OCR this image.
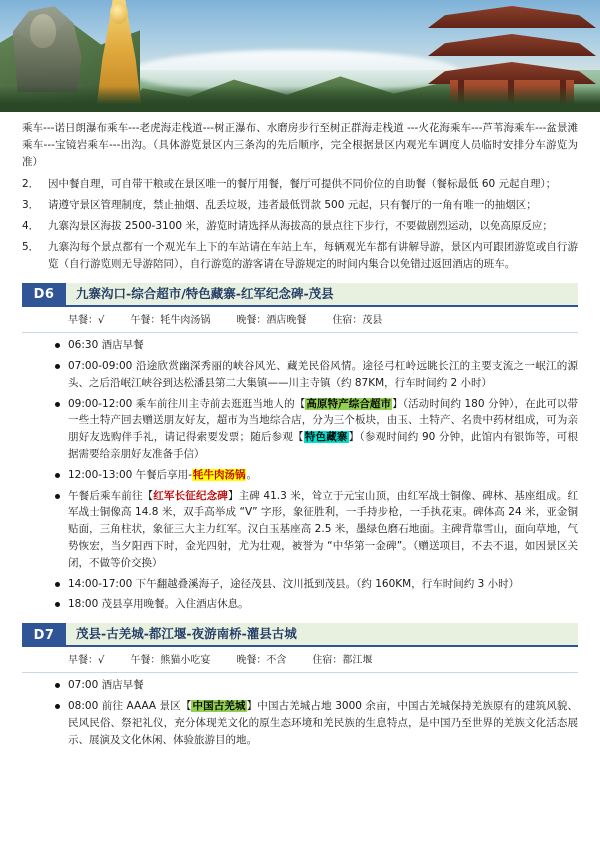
乘车---诺日朗瀑布乘车---老虎海走栈道---树正瀑布、水磨房步行至树正群海走栈道 ---火花海乘车---芦苇海乘车---盆景滩乘车---宝镜岩乘车---出沟。（具体游览景区内三条沟的先后顺序，完全根据景区内观光车调度人员临时安排分车游览为准）

2． 因中餐自理，可自带干粮或在景区唯一的餐厅用餐，餐厅可提供不同价位的自助餐（餐标最低 60 元起自理）；
3． 请遵守景区管理制度，禁止抽烟、乱丢垃圾，违者最低罚款 500 元起，只有餐厅的一角有唯一的抽烟区；
4． 九寨沟景区海拔 2500-3100 米，游览时请选择从海拔高的景点往下步行，不要做剧烈运动，以免高原反应；
5． 九寨沟每个景点都有一个观光车上下的车站请在车站上车，每辆观光车都有讲解导游，景区内可跟团游览或自行游览（自行游览则无导游陪同），自行游览的游客请在导游规定的时间内集合以免错过返回酒店的班车。
D6	九寨沟口-综合超市/特色藏寨-红军纪念碑-茂县
早餐：√	午餐：牦牛肉汤锅	晚餐：酒店晚餐	住宿：茂县
06:30 酒店早餐
07:00-09:00 沿途欣赏幽深秀丽的峡谷风光、藏羌民俗风情。途径弓杠岭远眺长江的主要支流之一岷江的源头、之后沿岷江峡谷到达松潘县第二大集镇——川主寺镇（约 87KM，行车时间约 2 小时）
09:00-12:00 乘车前往川主寺前去逛逛当地人的【高原特产综合超市】（活动时间约 180 分钟），在此可以带一些土特产回去赠送朋友好友，超市为当地综合店，分为三个板块，由玉、土特产、名贵中药材组成，可为亲朋好友选购伴手礼，请记得索要发票；随后参观【特色藏寨】（参观时间约 90 分钟，此馆内有银饰等，可根据需要给亲朋好友准备手信）
12:00-13:00 午餐后享用-牦牛肉汤锅。
午餐后乘车前往【红军长征纪念碑】主碑 41.3 米，耸立于元宝山顶，由红军战士铜像、碑林、基座组成。红军战士铜像高 14.8 米，双手高举成 “V” 字形，象征胜利，一手持步枪，一手执花束。碑体高 24 米，亚金铜贴面，三角柱状，象征三大主力红军。汉白玉基座高 2.5 米，墨绿色磨石地面。主碑背靠雪山，面向草地，气势恢宏，当夕阳西下时，金光四射，尤为壮观，被誉为 “中华第一金碑”。（赠送项目，不去不退，如因景区关闭，不做等价交换）
14:00-17:00 下午翻越叠溪海子，途径茂县、汶川抵到茂县。（约 160KM，行车时间约 3 小时）
18:00 茂县享用晚餐。入住酒店休息。
D7	茂县-古羌城-都江堰-夜游南桥-灌县古城
早餐：√	午餐：熊猫小吃宴	晚餐：不含	住宿：都江堰
07:00 酒店早餐
08:00 前往 AAAA 景区【中国古羌城】中国古羌城占地 3000 余亩，中国古羌城保持羌族原有的建筑风貌、民风民俗、祭祀礼仪，充分体现羌文化的原生态环境和羌民族的生息特点，是中国乃至世界的羌族文化活态展示、展演及文化休闲、体验旅游目的地。
